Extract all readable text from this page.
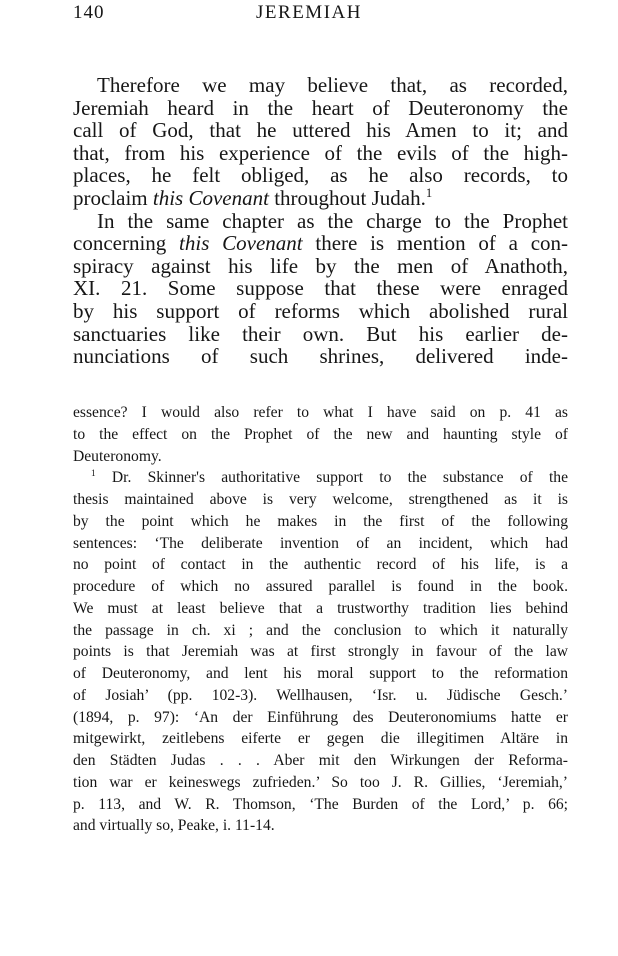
140	JEREMIAH
Therefore we may believe that, as recorded,
Jeremiah heard in the heart of Deuteronomy the
call of God, that he uttered his Amen to it; and
that, from his experience of the evils of the high-
places, he felt obliged, as he also records, to
proclaim this Covenant throughout Judah.$^1$
In the same chapter as the charge to the Prophet
concerning this Covenant there is mention of a con-
spiracy against his life by the men of Anathoth,
XI. 21. Some suppose that these were enraged
by his support of reforms which abolished rural
sanctuaries like their own. But his earlier de-
nunciations of such shrines, delivered inde-
essence? I would also refer to what I have said on p. 41 as
to the effect on the Prophet of the new and haunting style of
Deuteronomy.
$^1$ Dr. Skinner's authoritative support to the substance of the
thesis maintained above is very welcome, strengthened as it is
by the point which he makes in the first of the following
sentences: ‘The deliberate invention of an incident, which had
no point of contact in the authentic record of his life, is a
procedure of which no assured parallel is found in the book.
We must at least believe that a trustworthy tradition lies behind
the passage in ch. xi ; and the conclusion to which it naturally
points is that Jeremiah was at first strongly in favour of the law
of Deuteronomy, and lent his moral support to the reformation
of Josiah’ (pp. 102-3). Wellhausen, ‘Isr. u. Jüdische Gesch.’
(1894, p. 97): ‘An der Einführung des Deuteronomiums hatte er
mitgewirkt, zeitlebens eiferte er gegen die illegitimen Altäre in
den Städten Judas . . . Aber mit den Wirkungen der Reforma-
tion war er keineswegs zufrieden.’ So too J. R. Gillies, ‘Jeremiah,’
p. 113, and W. R. Thomson, ‘The Burden of the Lord,’ p. 66;
and virtually so, Peake, i. 11-14.
